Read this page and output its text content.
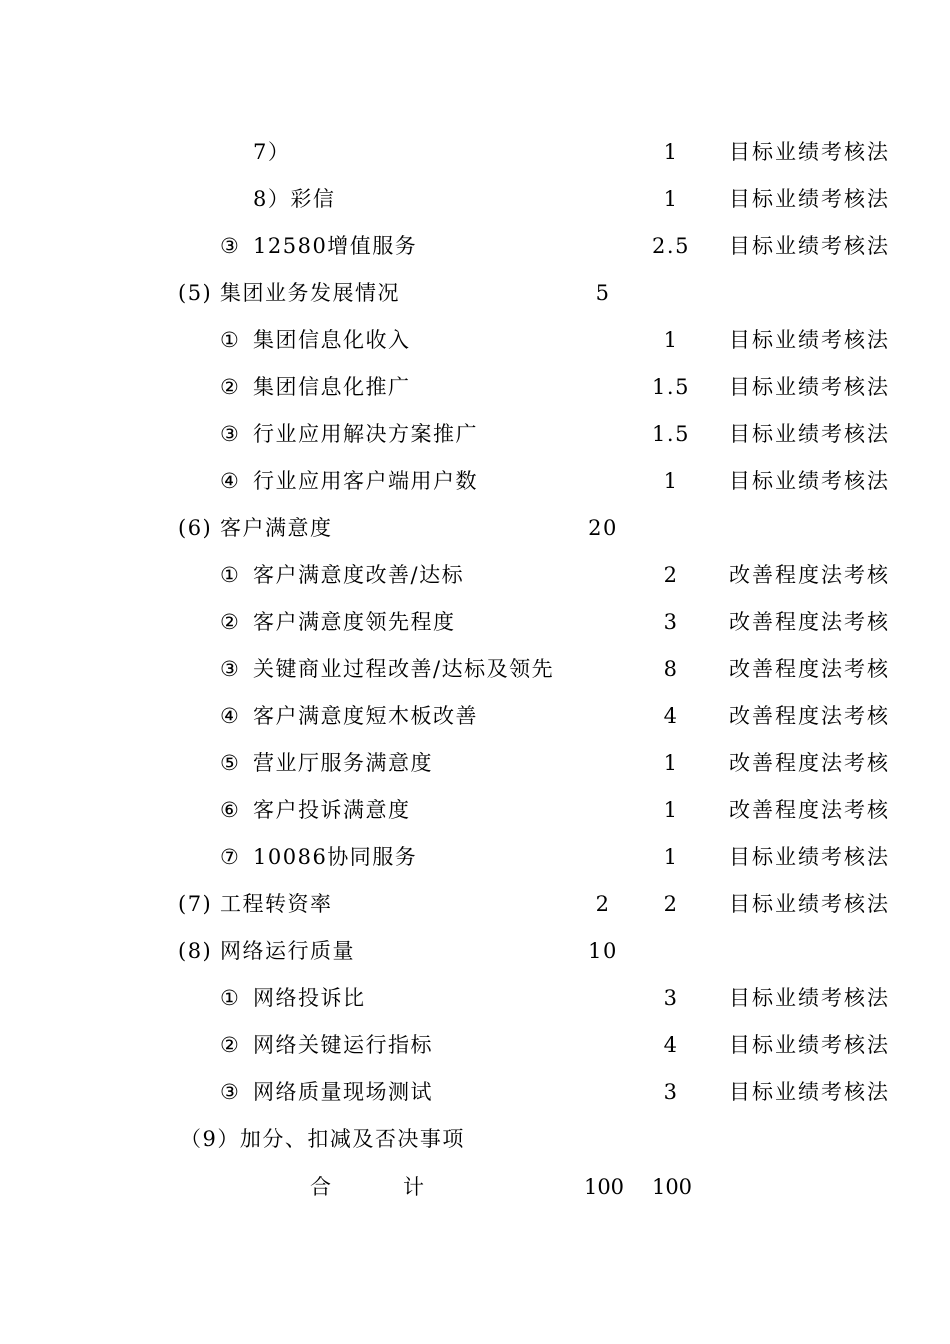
7）	1	目标业绩考核法
8）彩信	1	目标业绩考核法
③ 12580增值服务	2.5 目标业绩考核法
(5) 集团业务发展情况	5
① 集团信息化收入	1	目标业绩考核法
② 集团信息化推广	1.5 目标业绩考核法
③ 行业应用解决方案推广	1.5 目标业绩考核法
④ 行业应用客户端用户数	1	目标业绩考核法
(6) 客户满意度	20
① 客户满意度改善/达标	2	改善程度法考核
② 客户满意度领先程度	3	改善程度法考核
③ 关键商业过程改善/达标及领先	8	改善程度法考核
④ 客户满意度短木板改善	4	改善程度法考核
⑤ 营业厅服务满意度	1	改善程度法考核
⑥ 客户投诉满意度	1	改善程度法考核
⑦ 10086协同服务	1	目标业绩考核法
(7) 工程转资率	2	2	目标业绩考核法
(8) 网络运行质量	10
① 网络投诉比	3	目标业绩考核法
② 网络关键运行指标	4	目标业绩考核法
③ 网络质量现场测试	3	目标业绩考核法
（9）加分、扣减及否决事项
合　　计	100 100
